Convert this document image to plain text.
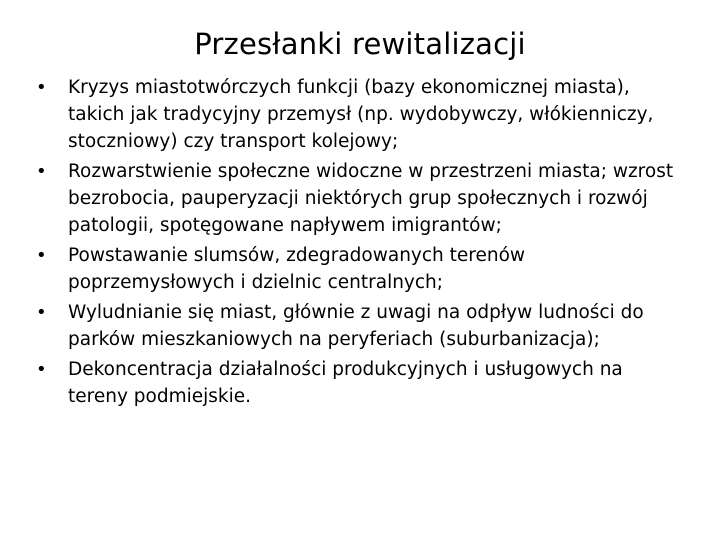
Przesłanki rewitalizacji
•	Kryzys miastotwórczych funkcji (bazy ekonomicznej miasta), takich jak tradycyjny przemysł (np. wydobywczy, włókienniczy, stoczniowy) czy transport kolejowy;
•	Rozwarstwienie społeczne widoczne w przestrzeni miasta; wzrost bezrobocia, pauperyzacji niektórych grup społecznych i rozwój patologii, spotęgowane napływem imigrantów;
•	Powstawanie slumsów, zdegradowanych terenów poprzemysłowych i dzielnic centralnych;
•	Wyludnianie się miast, głównie z uwagi na odpływ ludności do parków mieszkaniowych na peryferiach (suburbanizacja);
•	Dekoncentracja działalności produkcyjnych i usługowych na tereny podmiejskie.
